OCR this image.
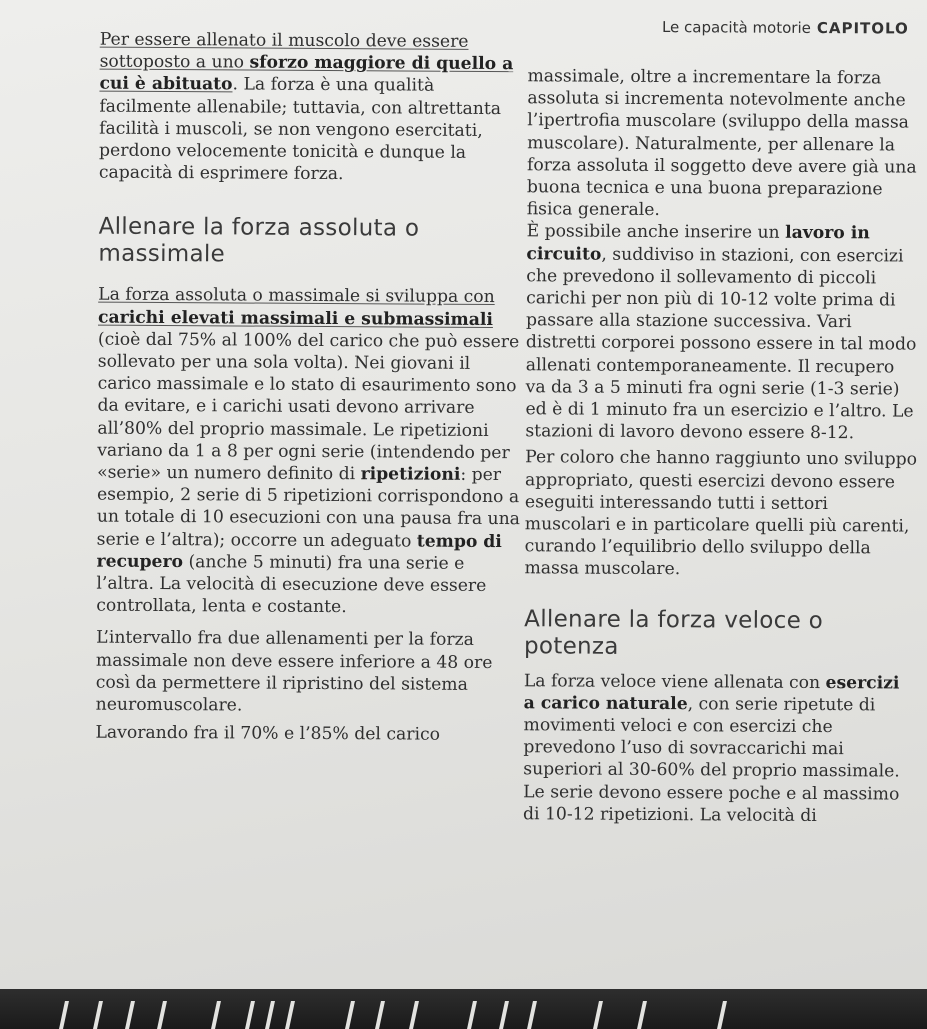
Le capacità motorie CAPITOLO

Per essere allenato il muscolo deve essere sottoposto a uno sforzo maggiore di quello a cui è abituato. La forza è una qualità facilmente allenabile; tuttavia, con altrettanta facilità i muscoli, se non vengono esercitati, perdono velocemente tonicità e dunque la capacità di esprimere forza.

Allenare la forza assoluta o massimale

La forza assoluta o massimale si sviluppa con carichi elevati massimali e submassimali (cioè dal 75% al 100% del carico che può essere sollevato per una sola volta). Nei giovani il carico massimale e lo stato di esaurimento sono da evitare, e i carichi usati devono arrivare all’80% del proprio massimale. Le ripetizioni variano da 1 a 8 per ogni serie (intendendo per «serie» un numero definito di ripetizioni: per esempio, 2 serie di 5 ripetizioni corrispondono a un totale di 10 esecuzioni con una pausa fra una serie e l’altra); occorre un adeguato tempo di recupero (anche 5 minuti) fra una serie e l’altra. La velocità di esecuzione deve essere controllata, lenta e costante.

L’intervallo fra due allenamenti per la forza massimale non deve essere inferiore a 48 ore così da permettere il ripristino del sistema neuromuscolare.

Lavorando fra il 70% e l’85% del carico

massimale, oltre a incrementare la forza assoluta si incrementa notevolmente anche l’ipertrofia muscolare (sviluppo della massa muscolare). Naturalmente, per allenare la forza assoluta il soggetto deve avere già una buona tecnica e una buona preparazione fisica generale.

È possibile anche inserire un lavoro in circuito, suddiviso in stazioni, con esercizi che prevedono il sollevamento di piccoli carichi per non più di 10-12 volte prima di passare alla stazione successiva. Vari distretti corporei possono essere in tal modo allenati contemporaneamente. Il recupero va da 3 a 5 minuti fra ogni serie (1-3 serie) ed è di 1 minuto fra un esercizio e l’altro. Le stazioni di lavoro devono essere 8-12.

Per coloro che hanno raggiunto uno sviluppo appropriato, questi esercizi devono essere eseguiti interessando tutti i settori muscolari e in particolare quelli più carenti, curando l’equilibrio dello sviluppo della massa muscolare.

Allenare la forza veloce o potenza

La forza veloce viene allenata con esercizi a carico naturale, con serie ripetute di movimenti veloci e con esercizi che prevedono l’uso di sovraccarichi mai superiori al 30-60% del proprio massimale. Le serie devono essere poche e al massimo di 10-12 ripetizioni. La velocità di
